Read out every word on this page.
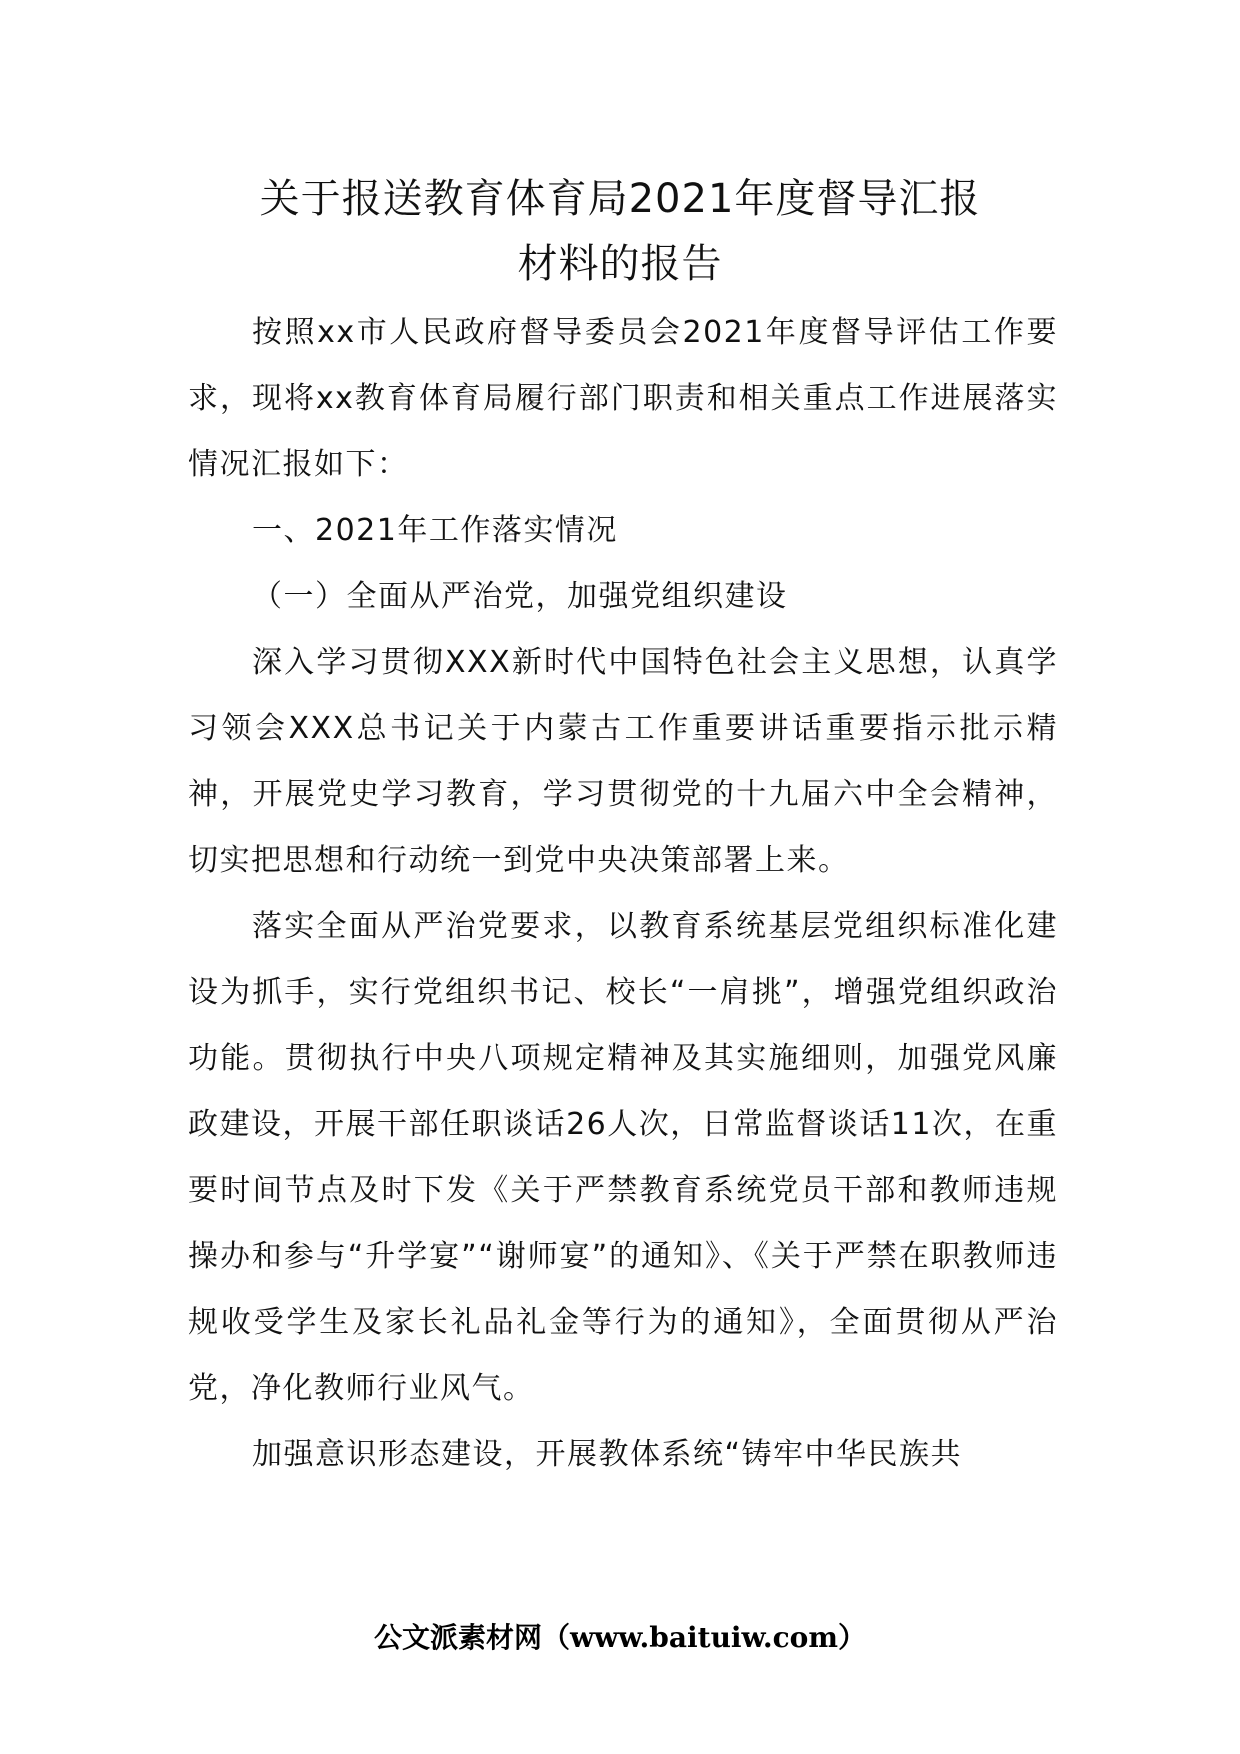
关于报送教育体育局2021年度督导汇报
材料的报告

按照xx市人民政府督导委员会2021年度督导评估工作要求，现将xx教育体育局履行部门职责和相关重点工作进展落实情况汇报如下：

一、2021年工作落实情况

（一）全面从严治党，加强党组织建设

深入学习贯彻XXX新时代中国特色社会主义思想，认真学习领会XXX总书记关于内蒙古工作重要讲话重要指示批示精神，开展党史学习教育，学习贯彻党的十九届六中全会精神，切实把思想和行动统一到党中央决策部署上来。

落实全面从严治党要求，以教育系统基层党组织标准化建设为抓手，实行党组织书记、校长“一肩挑”，增强党组织政治功能。贯彻执行中央八项规定精神及其实施细则，加强党风廉政建设，开展干部任职谈话26人次，日常监督谈话11次，在重要时间节点及时下发《关于严禁教育系统党员干部和教师违规操办和参与“升学宴”“谢师宴”的通知》、《关于严禁在职教师违规收受学生及家长礼品礼金等行为的通知》，全面贯彻从严治党，净化教师行业风气。

加强意识形态建设，开展教体系统“铸牢中华民族共

公文派素材网（www.baituiw.com）
